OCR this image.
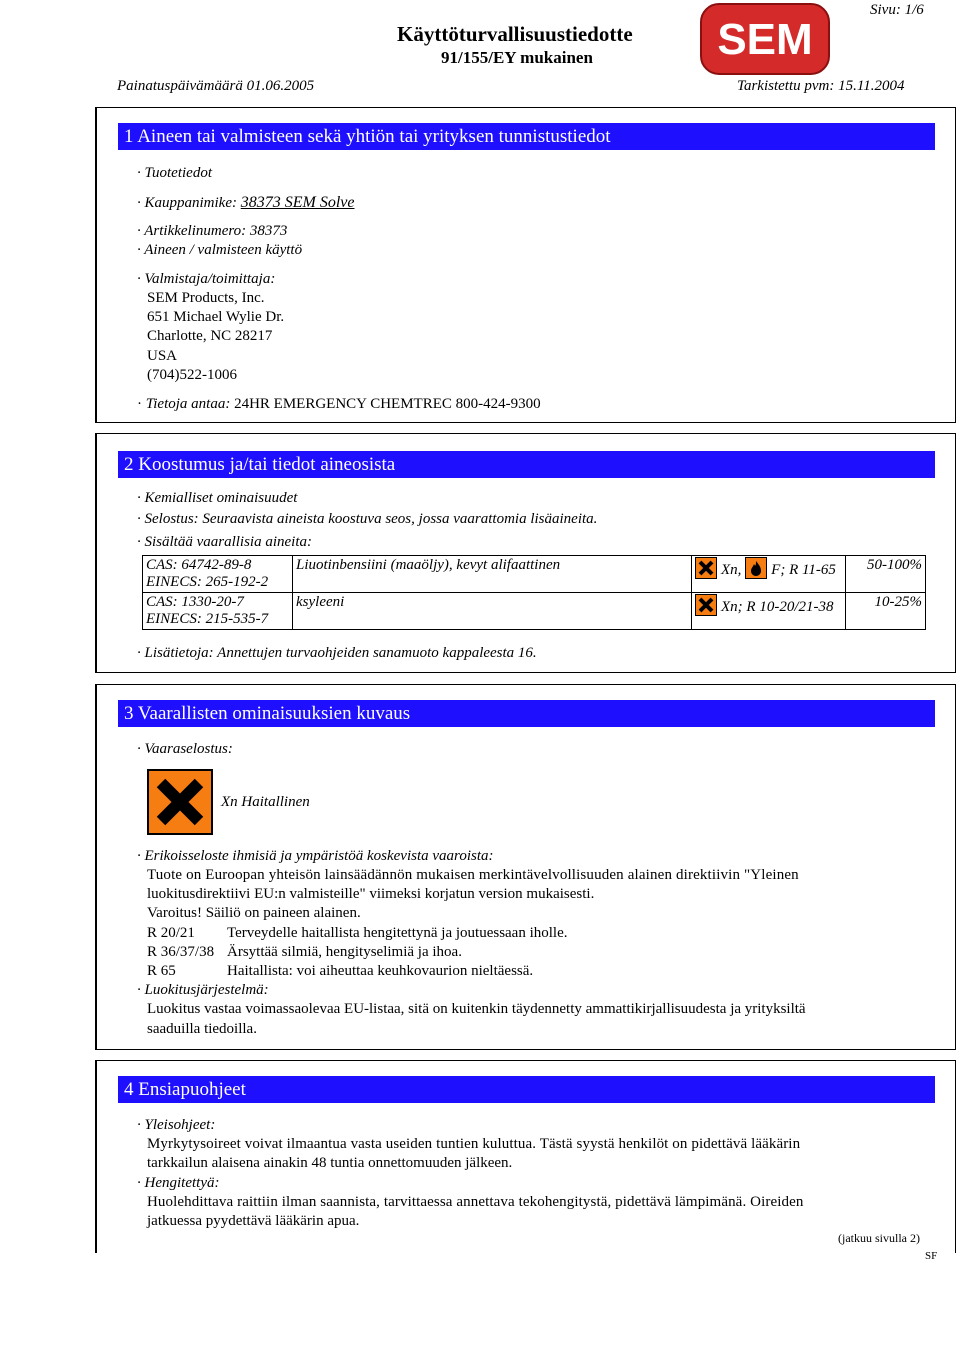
Käyttöturvallisuustiedotte
91/155/EY mukainen
Sivu: 1/6
Painatuspäivämäärä 01.06.2005	Tarkistettu pvm: 15.11.2004
SEM
1 Aineen tai valmisteen sekä yhtiön tai yrityksen tunnistustiedot
· Tuotetiedot
· Kauppanimike: 38373 SEM Solve
· Artikkelinumero: 38373
· Aineen / valmisteen käyttö
· Valmistaja/toimittaja:
SEM Products, Inc.
651 Michael Wylie Dr.
Charlotte, NC 28217
USA
(704)522-1006
· Tietoja antaa: 24HR EMERGENCY CHEMTREC 800-424-9300
2 Koostumus ja/tai tiedot aineosista
· Kemialliset ominaisuudet
· Selostus: Seuraavista aineista koostuva seos, jossa vaarattomia lisäaineita.
· Sisältää vaarallisia aineita:
CAS: 64742-89-8
EINECS: 265-192-2	Liuotinbensiini (maaöljy), kevyt alifaattinen	Xn, F; R 11-65	50-100%

CAS: 1330-20-7
EINECS: 215-535-7	ksyleeni	Xn; R 10-20/21-38	10-25%
· Lisätietoja: Annettujen turvaohjeiden sanamuoto kappaleesta 16.
3 Vaarallisten ominaisuuksien kuvaus
· Vaaraselostus:
Xn Haitallinen
· Erikoisseloste ihmisiä ja ympäristöä koskevista vaaroista:
Tuote on Euroopan yhteisön lainsäädännön mukaisen merkintävelvollisuuden alainen direktiivin "Yleinen
luokitusdirektiivi EU:n valmisteille" viimeksi korjatun version mukaisesti.
Varoitus! Säiliö on paineen alainen.
R 20/21 Terveydelle haitallista hengitettynä ja joutuessaan iholle.
R 36/37/38 Ärsyttää silmiä, hengityselimiä ja ihoa.
R 65	Haitallista: voi aiheuttaa keuhkovaurion nieltäessä.
· Luokitusjärjestelmä:
Luokitus vastaa voimassaolevaa EU-listaa, sitä on kuitenkin täydennetty ammattikirjallisuudesta ja yrityksiltä
saaduilla tiedoilla.
4 Ensiapuohjeet
· Yleisohjeet:
Myrkytysoireet voivat ilmaantua vasta useiden tuntien kuluttua. Tästä syystä henkilöt on pidettävä lääkärin
tarkkailun alaisena ainakin 48 tuntia onnettomuuden jälkeen.
· Hengitettyä:
Huolehdittava raittiin ilman saannista, tarvittaessa annettava tekohengitystä, pidettävä lämpimänä. Oireiden
jatkuessa pyydettävä lääkärin apua.
(jatkuu sivulla 2)
SF
